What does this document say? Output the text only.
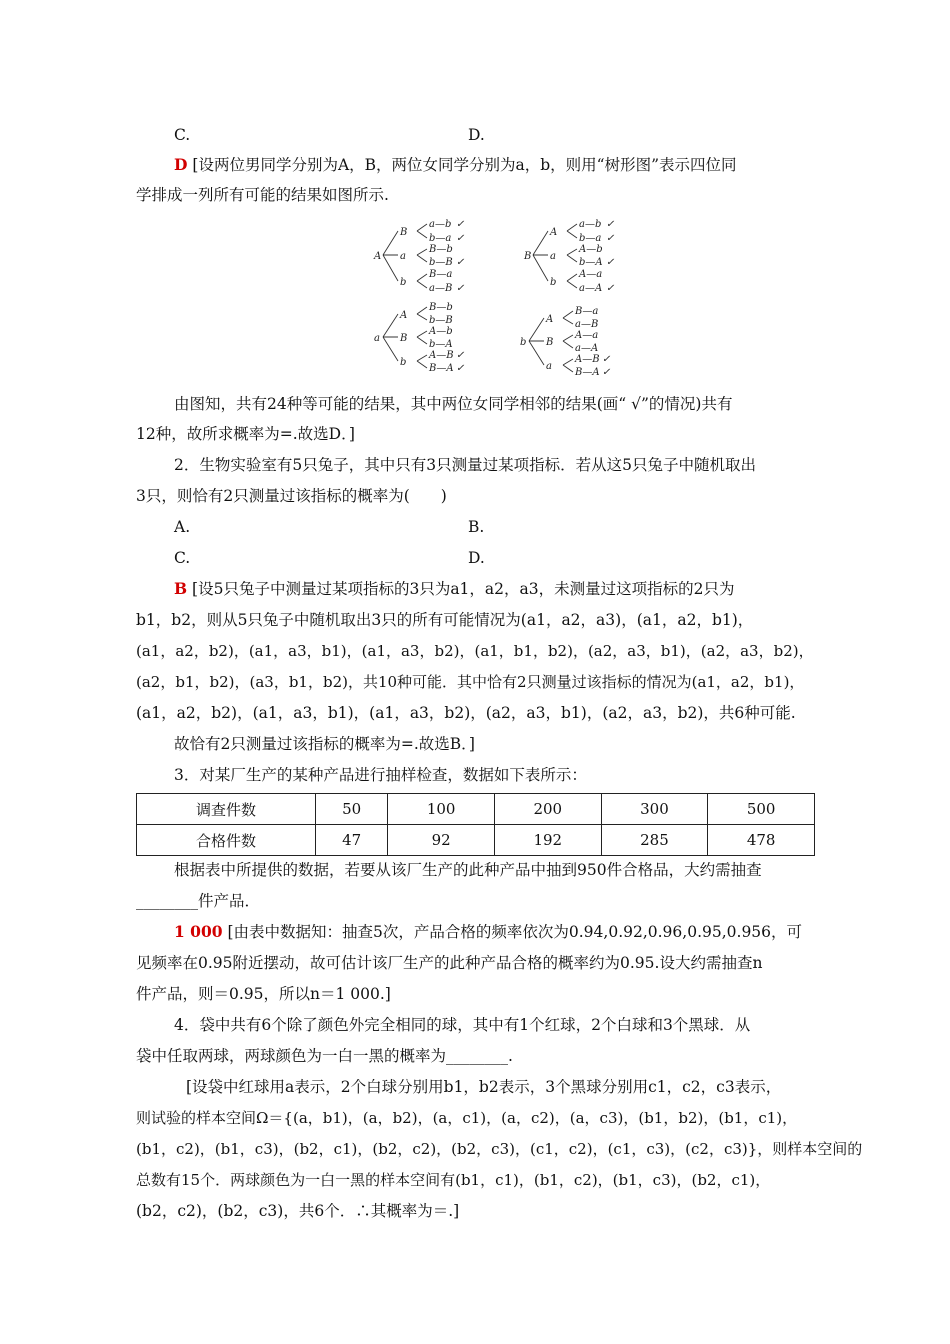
C.	D.
D [设两位男同学分别为A，B，两位女同学分别为a，b，则用“树形图”表示四位同
学排成一列所有可能的结果如图所示.
A
B
a
b
a—b ✓
b—a ✓
B—b
b—B ✓
B—a
a—B ✓
B
A
a
b
a—b ✓
b—a ✓
A—b
b—A ✓
A—a
a—A ✓
a
A
B
b
B—b
b—B
A—b
b—A
A—B ✓
B—A ✓
b
A
B
a
B—a
a—B
A—a
a—A
A—B ✓
B—A ✓
由图知，共有24种等可能的结果，其中两位女同学相邻的结果(画“ √”的情况)共有
12种，故所求概率为=.故选D．]
2．生物实验室有5只兔子，其中只有3只测量过某项指标．若从这5只兔子中随机取出
3只，则恰有2只测量过该指标的概率为(　　)
A.	B.
C.	D.
B [设5只兔子中测量过某项指标的3只为a1，a2，a3，未测量过这项指标的2只为
b1，b2，则从5只兔子中随机取出3只的所有可能情况为(a1，a2，a3)，(a1，a2，b1)，
(a1，a2，b2)，(a1，a3，b1)，(a1，a3，b2)，(a1，b1，b2)，(a2，a3，b1)，(a2，a3，b2)，
(a2，b1，b2)，(a3，b1，b2)，共10种可能．其中恰有2只测量过该指标的情况为(a1，a2，b1)，
(a1，a2，b2)，(a1，a3，b1)，(a1，a3，b2)，(a2，a3，b1)，(a2，a3，b2)，共6种可能.
故恰有2只测量过该指标的概率为=.故选B．]
3．对某厂生产的某种产品进行抽样检查，数据如下表所示：
调查件数	50	100	200	300	500
合格件数	47	92	192	285	478
根据表中所提供的数据，若要从该厂生产的此种产品中抽到950件合格品，大约需抽查
________件产品．
1 000 [由表中数据知：抽查5次，产品合格的频率依次为0.94,0.92,0.96,0.95,0.956，可
见频率在0.95附近摆动，故可估计该厂生产的此种产品合格的概率约为0.95.设大约需抽查n
件产品，则＝0.95，所以n＝1 000.]
4．袋中共有6个除了颜色外完全相同的球，其中有1个红球，2个白球和3个黑球．从
袋中任取两球，两球颜色为一白一黑的概率为________.
[设袋中红球用a表示，2个白球分别用b1，b2表示，3个黑球分别用c1，c2，c3表示，
则试验的样本空间Ω＝{(a，b1)，(a，b2)，(a，c1)，(a，c2)，(a，c3)，(b1，b2)，(b1，c1)，
(b1，c2)，(b1，c3)，(b2，c1)，(b2，c2)，(b2，c3)，(c1，c2)，(c1，c3)，(c2，c3)}，则样本空间的
总数有15个．两球颜色为一白一黑的样本空间有(b1，c1)，(b1，c2)，(b1，c3)，(b2，c1)，
(b2，c2)，(b2，c3)，共6个．∴其概率为＝.]
